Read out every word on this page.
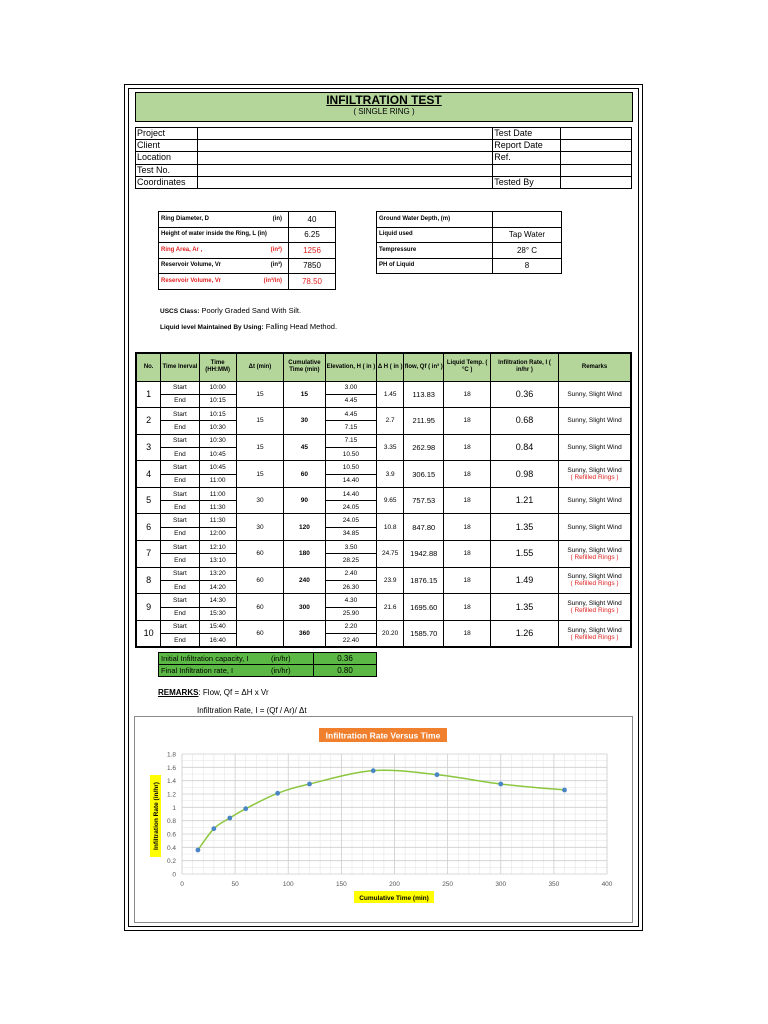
INFILTRATION TEST
( SINGLE RING )
Project		Test Date	
Client		Report Date	
Location		Ref.	
Test No.			
Coordinates		Tested By	
Ring Diameter, D (in)	40
Height of water inside the Ring, L (in)	6.25
Ring Area, Ar , (in²)	1256
Reservoir Volume, Vr (in³)	7850
Reservoir Volume, Vr (in³/in)	78.50
Ground Water Depth, (m)	
Liquid used	Tap Water
Tempressure	28° C
PH of Liquid	8
USCS Class: Poorly Graded Sand With Silt.
Liquid level Maintained By Using: Falling Head Method.
No.	Time Inerval	Time (HH:MM)	Δt (min)	Cumulative Time (min)	Elevation, H ( in )	Δ H ( in )	flow, Qf ( in³ )	Liquid Temp. ( °C )	Infiltration Rate, I ( in/hr )	Remarks
1	Start	10:00	15	15	3.00	1.45	113.83	18	0.36	Sunny, Slight Wind

	End	10:15			4.45					
2	Start	10:15	15	30	4.45	2.7	211.95	18	0.68	Sunny, Slight Wind

	End	10:30			7.15					
3	Start	10:30	15	45	7.15	3.35	262.98	18	0.84	Sunny, Slight Wind

	End	10:45			10.50					
4	Start	10:45	15	60	10.50	3.9	306.15	18	0.98	Sunny, Slight Wind
( Refilled Rings )

	End	11:00			14.40					
5	Start	11:00	30	90	14.40	9.65	757.53	18	1.21	Sunny, Slight Wind

	End	11:30			24.05					
6	Start	11:30	30	120	24.05	10.8	847.80	18	1.35	Sunny, Slight Wind

	End	12:00			34.85					
7	Start	12:10	60	180	3.50	24.75	1942.88	18	1.55	Sunny, Slight Wind
( Refilled Rings )

	End	13:10			28.25					
8	Start	13:20	60	240	2.40	23.9	1876.15	18	1.49	Sunny, Slight Wind
( Refilled Rings )

	End	14:20			26.30					
9	Start	14:30	60	300	4.30	21.6	1695.60	18	1.35	Sunny, Slight Wind
( Refilled Rings )

	End	15:30			25.90					
10	Start	15:40	60	360	2.20	20.20	1585.70	18	1.26	Sunny, Slight Wind
( Refilled Rings )

	End	16:40			22.40					
Initial Infiltration capacity, I	(in/hr)	0.36
Final Infiltration rate, I	(in/hr)	0.80
REMARKS: Flow, Qf = ΔH x Vr
Infiltration Rate, I = (Qf / Ar)/ Δt
0
0.2
0.4
0.6
0.8
1
1.2
1.4
1.6
1.8
0	50	100	150	200	250	300	350	400
Infiltration Rate Versus Time
Cumulative Time (min)
Infiltration Rate (in/hr)
